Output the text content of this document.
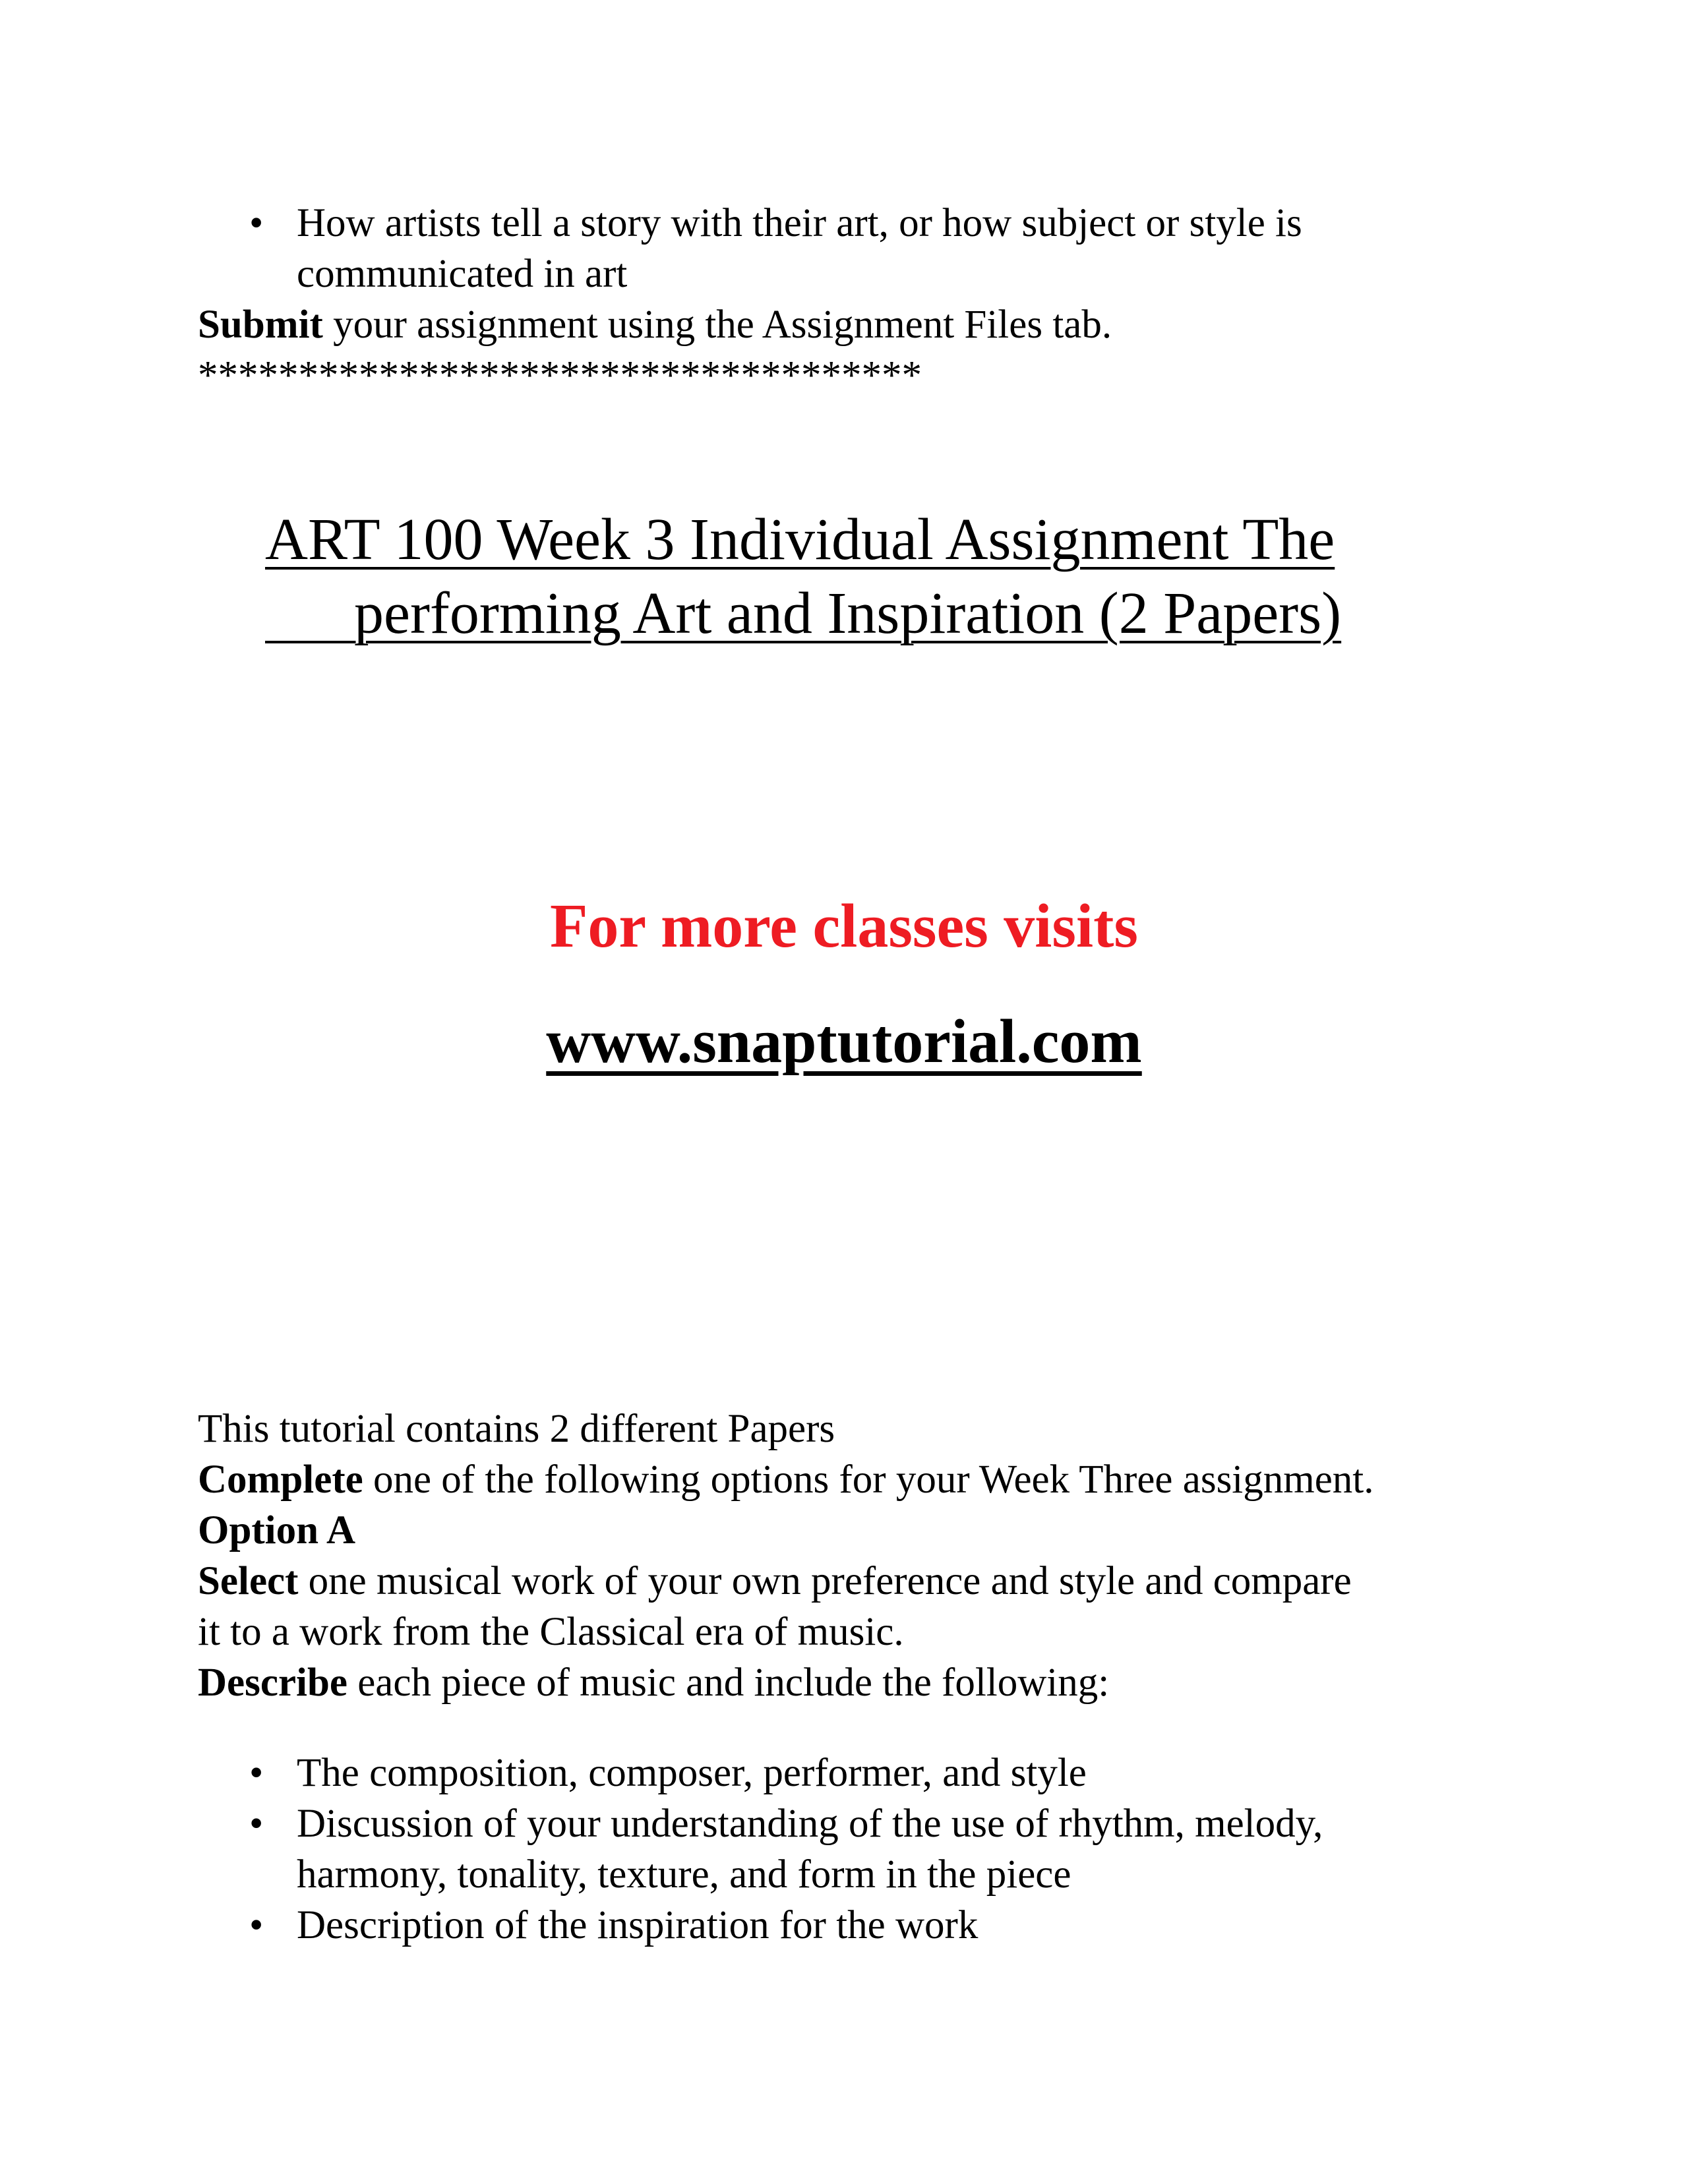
• How artists tell a story with their art, or how subject or style is
communicated in art
Submit your assignment using the Assignment Files tab.
************************************
ART 100 Week 3 Individual Assignment The
performing Art and Inspiration (2 Papers)
For more classes visits
www.snaptutorial.com
This tutorial contains 2 different Papers
Complete one of the following options for your Week Three assignment.
Option A
Select one musical work of your own preference and style and compare
it to a work from the Classical era of music.
Describe each piece of music and include the following:
• The composition, composer, performer, and style
• Discussion of your understanding of the use of rhythm, melody,
harmony, tonality, texture, and form in the piece
• Description of the inspiration for the work
